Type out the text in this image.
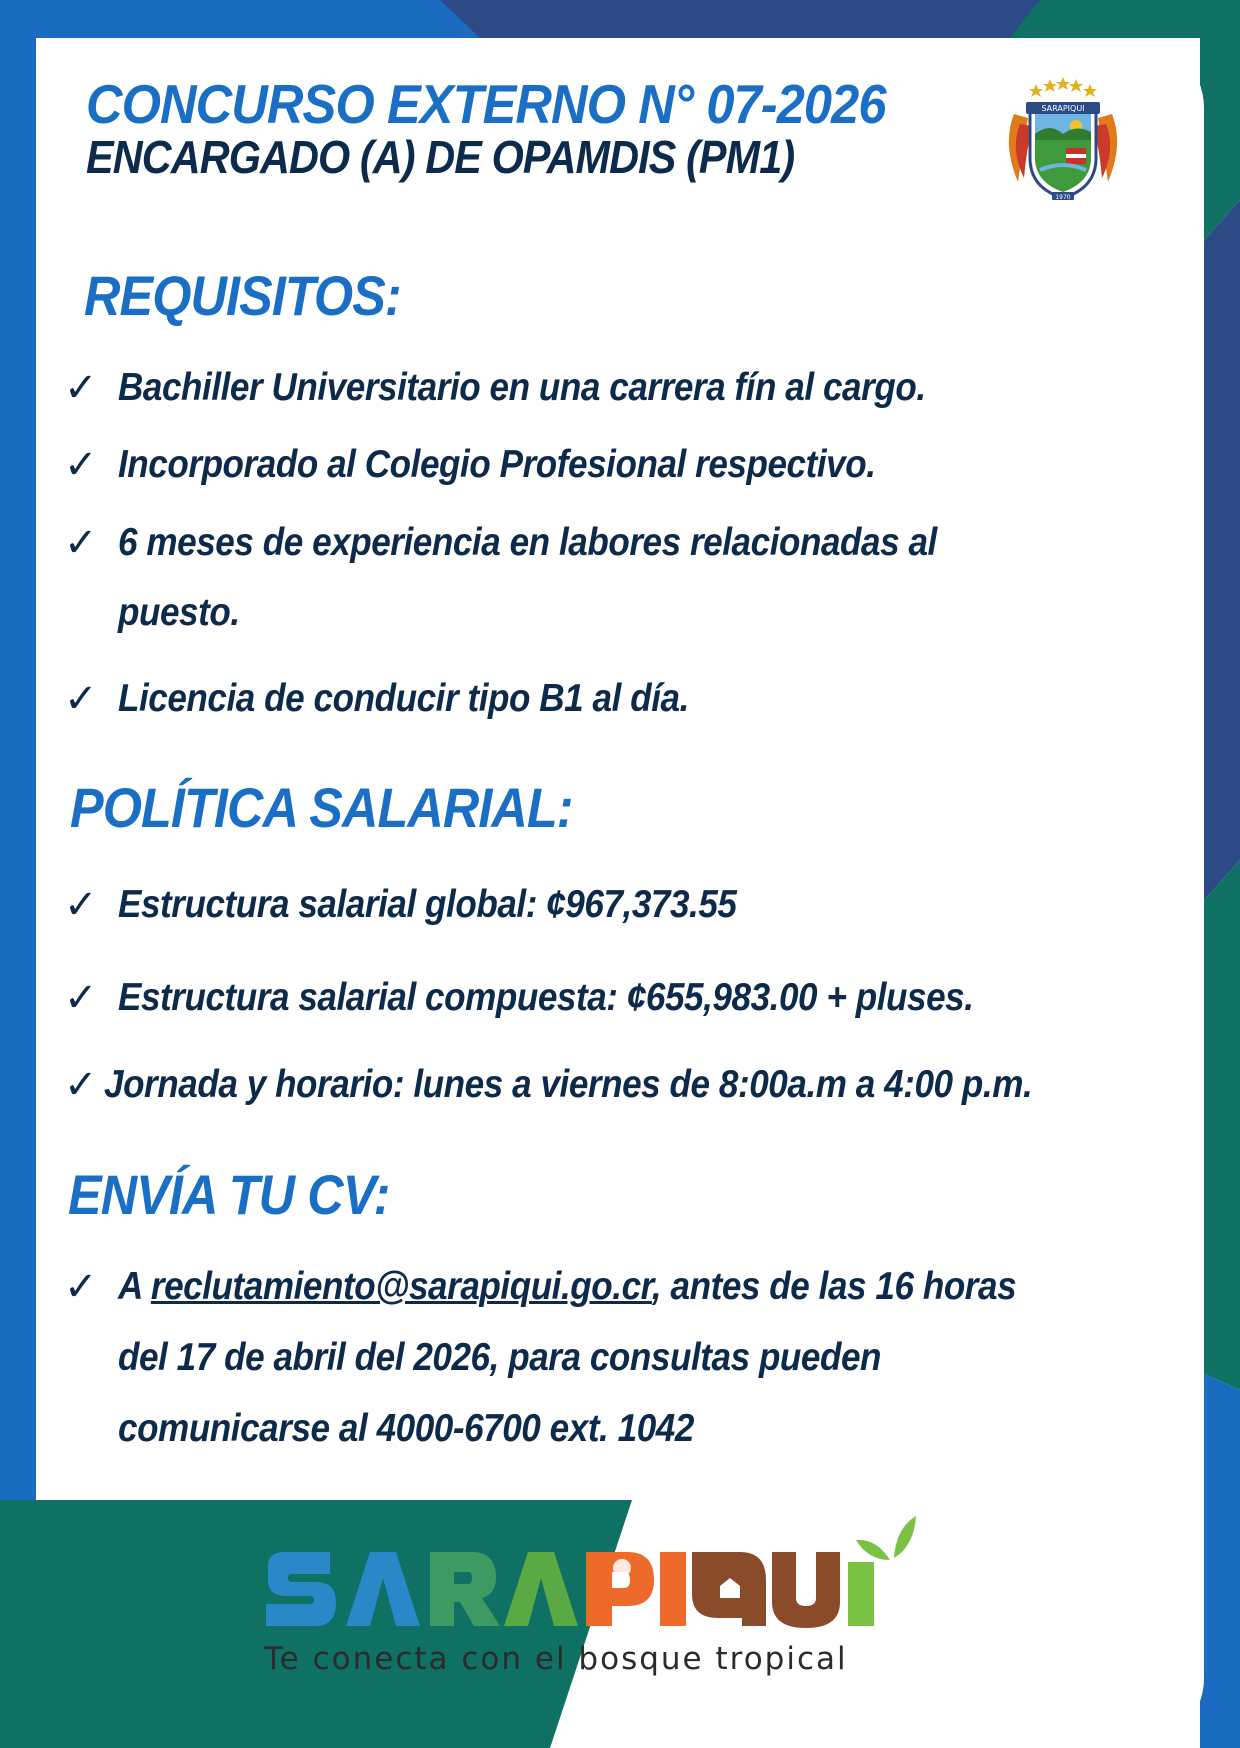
CONCURSO EXTERNO N° 07-2026
ENCARGADO (A) DE OPAMDIS (PM1)
SARAPIQUI
1970
REQUISITOS:
✓ Bachiller Universitario en una carrera fín al cargo.
✓ Incorporado al Colegio Profesional respectivo.
✓ 6 meses de experiencia en labores relacionadas al
puesto.
✓ Licencia de conducir tipo B1 al día.
POLÍTICA SALARIAL:
✓ Estructura salarial global: ¢967,373.55
✓ Estructura salarial compuesta: ¢655,983.00 + pluses.
✓ Jornada y horario: lunes a viernes de 8:00a.m a 4:00 p.m.
ENVÍA TU CV:
✓ A reclutamiento@sarapiqui.go.cr, antes de las 16 horas
del 17 de abril del 2026, para consultas pueden
comunicarse al 4000-6700 ext. 1042

Te conecta con el bosque tropical
